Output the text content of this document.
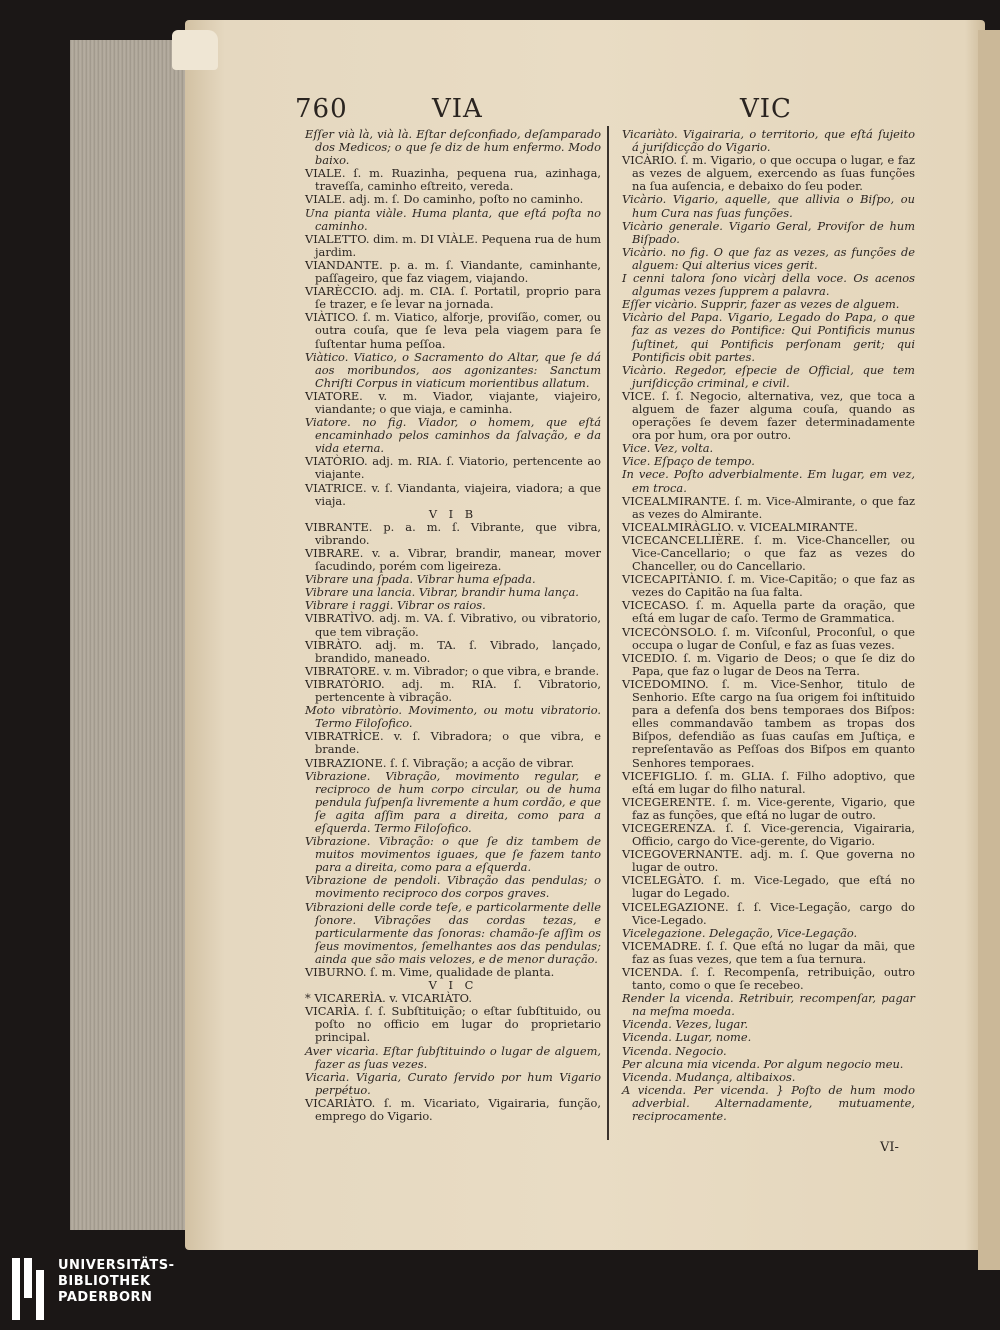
760	VIA	VIC

Eſſer vià là, vià là. Eſtar deſconfiado, deſamparado dos Medicos; o que ſe diz de hum enfermo. Modo baixo.

VIALE. ſ. m. Ruazinha, pequena rua, azinhaga, traveſſa, caminho eſtreito, vereda.

VIALE. adj. m. ſ. Do caminho, poſto no caminho.

Una pianta viàle. Huma planta, que eſtá poſta no caminho.

VIALETTO. dim. m. DI VIÀLE. Pequena rua de hum jardim.

VIANDANTE. p. a. m. ſ. Viandante, caminhante, paſſageiro, que faz viagem, viajando.

VIARÈCCIO. adj. m. CIA. ſ. Portatil, proprio para ſe trazer, e ſe levar na jornada.

VIÀTICO. ſ. m. Viatico, alforje, proviſão, comer, ou outra couſa, que ſe leva pela viagem para ſe ſuſtentar huma peſſoa.

Viàtico. Viatico, o Sacramento do Altar, que ſe dá aos moribundos, aos agonizantes: Sanctum Chriſti Corpus in viaticum morientibus allatum.

VIATORE. v. m. Viador, viajante, viajeiro, viandante; o que viaja, e caminha.

Viatore. no fig. Viador, o homem, que eſtá encaminhado pelos caminhos da ſalvação, e da vida eterna.

VIATÒRIO. adj. m. RIA. ſ. Viatorio, pertencente ao viajante.

VIATRICE. v. ſ. Viandanta, viajeira, viadora; a que viaja.

V I B

VIBRANTE. p. a. m. ſ. Vibrante, que vibra, vibrando.

VIBRARE. v. a. Vibrar, brandir, manear, mover ſacudindo, porém com ligeireza.

Vibrare una ſpada. Vibrar huma eſpada.

Vibrare una lancia. Vibrar, brandir huma lança.

Vibrare i raggi. Vibrar os raios.

VIBRATÌVO. adj. m. VA. ſ. Vibrativo, ou vibratorio, que tem vibração.

VIBRÀTO. adj. m. TA. ſ. Vibrado, lançado, brandido, maneado.

VIBRATORE. v. m. Vibrador; o que vibra, e brande.

VIBRATÒRIO. adj. m. RIA. ſ. Vibratorio, pertencente à vibração.

Moto vibratòrio. Movimento, ou motu vibratorio. Termo Filoſofico.

VIBRATRÌCE. v. ſ. Vibradora; o que vibra, e brande.

VIBRAZIONE. ſ. ſ. Vibração; a acção de vibrar.

Vibrazione. Vibração, movimento regular, e reciproco de hum corpo circular, ou de huma pendula ſuſpenſa livremente a hum cordão, e que ſe agita aſſim para a direita, como para a eſquerda. Termo Filoſofico.

Vibrazione. Vibração: o que ſe diz tambem de muitos movimentos iguaes, que ſe fazem tanto para a direita, como para a eſquerda.

Vibrazione de pendoli. Vibração das pendulas; o movimento reciproco dos corpos graves.

Vibrazioni delle corde teſe, e particolarmente delle ſonore. Vibrações das cordas tezas, e particularmente das ſonoras: chamão-ſe aſſim os ſeus movimentos, ſemelhantes aos das pendulas; ainda que são mais velozes, e de menor duração.

VIBURNO. ſ. m. Vime, qualidade de planta.

V I C

* VICARERÌA. v. VICARIÀTO.

VICARÌA. ſ. ſ. Subſtituição; o eſtar ſubſtituido, ou poſto no officio em lugar do proprietario principal.

Aver vicarìa. Eſtar ſubſtituindo o lugar de alguem, fazer as ſuas vezes.

Vicarìa. Vigaria, Curato ſervido por hum Vigario perpétuo.

VICARIÀTO. ſ. m. Vicariato, Vigairaria, função, emprego do Vigario.

Vicariàto. Vigairaria, o territorio, que eſtá ſujeito á juriſdicção do Vigario.

VICÀRIO. ſ. m. Vigario, o que occupa o lugar, e faz as vezes de alguem, exercendo as ſuas funções na ſua auſencia, e debaixo do ſeu poder.

Vicàrio. Vigario, aquelle, que allivia o Biſpo, ou hum Cura nas ſuas funções.

Vicàrio generale. Vigario Geral, Proviſor de hum Biſpado.

Vicàrio. no fig. O que faz as vezes, as funções de alguem: Qui alterius vices gerit.

I cenni talora ſono vicàrj della voce. Os acenos algumas vezes ſupprem a palavra.

Eſſer vicàrio. Supprir, fazer as vezes de alguem.

Vicàrio del Papa. Vigario, Legado do Papa, o que faz as vezes do Pontifice: Qui Pontificis munus ſuſtinet, qui Pontificis perſonam gerit; qui Pontificis obit partes.

Vicàrio. Regedor, eſpecie de Official, que tem juriſdicção criminal, e civil.

VICE. ſ. ſ. Negocio, alternativa, vez, que toca a alguem de fazer alguma couſa, quando as operações ſe devem fazer determinadamente ora por hum, ora por outro.

Vice. Vez, volta.

Vice. Eſpaço de tempo.

In vece. Poſto adverbialmente. Em lugar, em vez, em troca.

VICEALMIRANTE. ſ. m. Vice-Almirante, o que faz as vezes do Almirante.

VICEALMIRÀGLIO. v. VICEALMIRANTE.

VICECANCELLIÈRE. ſ. m. Vice-Chanceller, ou Vice-Cancellario; o que faz as vezes do Chanceller, ou do Cancellario.

VICECAPITÀNIO. ſ. m. Vice-Capitão; o que faz as vezes do Capitão na ſua falta.

VICECASO. ſ. m. Aquella parte da oração, que eſtá em lugar de caſo. Termo de Grammatica.

VICECÒNSOLO. ſ. m. Viſconſul, Proconſul, o que occupa o lugar de Conſul, e faz as ſuas vezes.

VICEDIO. ſ. m. Vigario de Deos; o que ſe diz do Papa, que faz o lugar de Deos na Terra.

VICEDOMINO. ſ. m. Vice-Senhor, titulo de Senhorio. Eſte cargo na ſua origem foi inſtituido para a defenſa dos bens temporaes dos Biſpos: elles commandavão tambem as tropas dos Biſpos, defendião as ſuas cauſas em Juſtiça, e repreſentavão as Peſſoas dos Biſpos em quanto Senhores temporaes.

VICEFIGLIO. ſ. m. GLIA. ſ. Filho adoptivo, que eſtá em lugar do filho natural.

VICEGERENTE. ſ. m. Vice-gerente, Vigario, que faz as funções, que eſtá no lugar de outro.

VICEGERENZA. ſ. ſ. Vice-gerencia, Vigairaria, Officio, cargo do Vice-gerente, do Vigario.

VICEGOVERNANTE. adj. m. ſ. Que governa no lugar de outro.

VICELEGÀTO. ſ. m. Vice-Legado, que eſtá no lugar do Legado.

VICELEGAZIONE. ſ. ſ. Vice-Legação, cargo do Vice-Legado.

Vicelegazione. Delegação, Vice-Legação.

VICEMADRE. ſ. ſ. Que eſtá no lugar da mãi, que faz as ſuas vezes, que tem a ſua ternura.

VICENDA. ſ. ſ. Recompenſa, retribuição, outro tanto, como o que ſe recebeo.

Render la vicenda. Retribuir, recompenſar, pagar na meſma moeda.

Vicenda. Vezes, lugar.

Vicenda. Lugar, nome.

Vicenda. Negocio.

Per alcuna mia vicenda. Por algum negocio meu.

Vicenda. Mudança, altibaixos.

A vicenda. Per vicenda. } Poſto de hum modo adverbial. Alternadamente, mutuamente, reciprocamente.

VI-
UNIVERSITÄTS-
BIBLIOTHEK
PADERBORN
